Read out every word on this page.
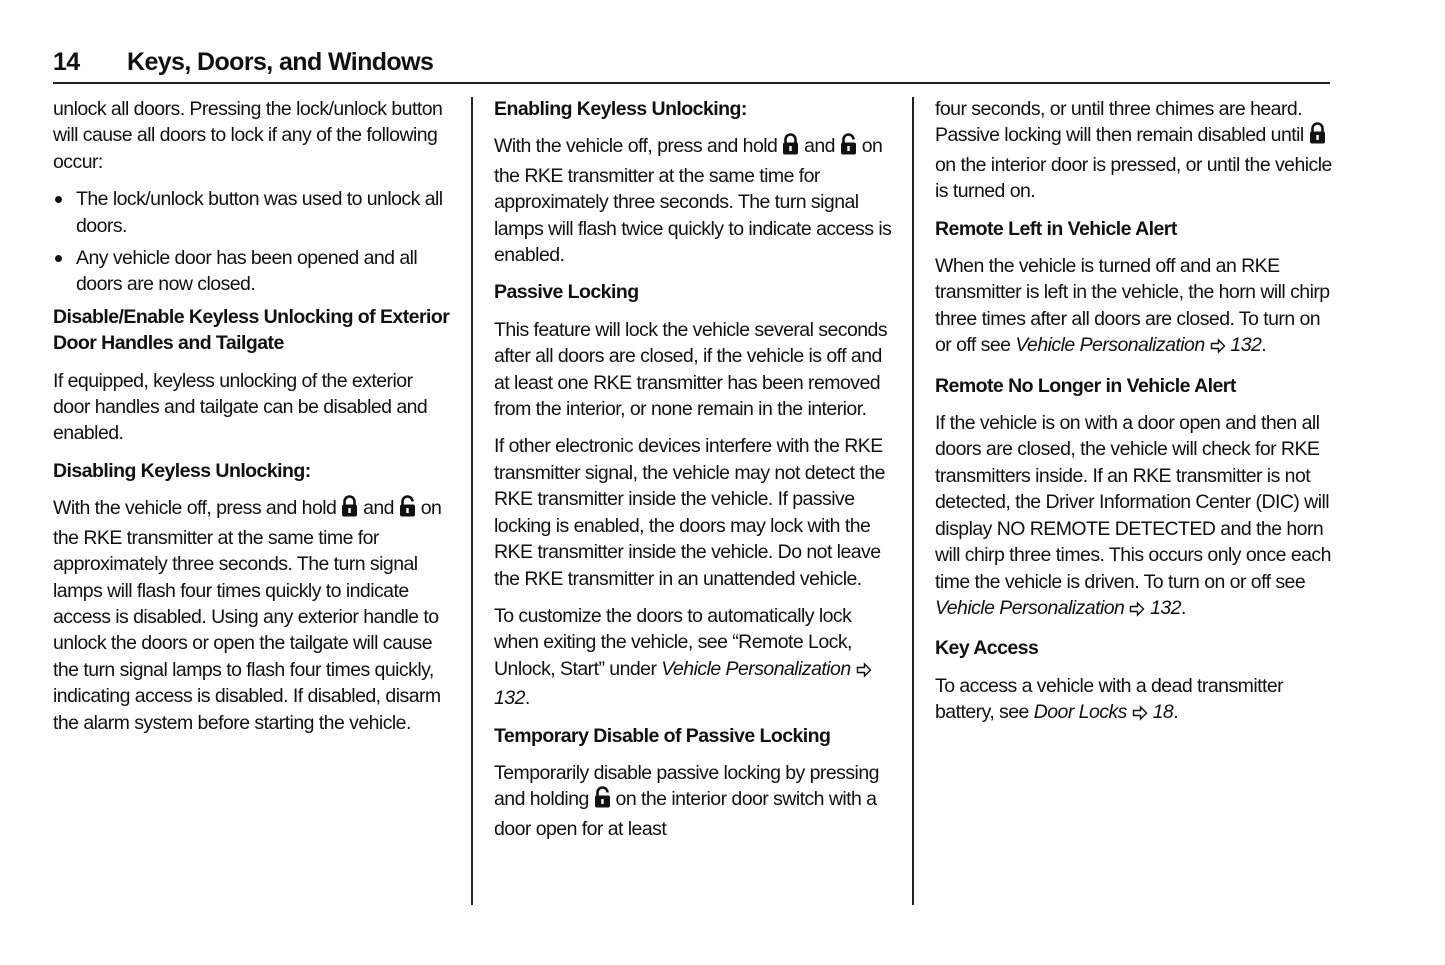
14 Keys, Doors, and Windows
unlock all doors. Pressing the lock/unlock button will cause all doors to lock if any of the following occur:
The lock/unlock button was used to unlock all doors.
Any vehicle door has been opened and all doors are now closed.
Disable/Enable Keyless Unlocking of Exterior Door Handles and Tailgate
If equipped, keyless unlocking of the exterior door handles and tailgate can be disabled and enabled.
Disabling Keyless Unlocking:
With the vehicle off, press and hold  and  on the RKE transmitter at the same time for approximately three seconds. The turn signal lamps will flash four times quickly to indicate access is disabled. Using any exterior handle to unlock the doors or open the tailgate will cause the turn signal lamps to flash four times quickly, indicating access is disabled. If disabled, disarm the alarm system before starting the vehicle.
Enabling Keyless Unlocking:
With the vehicle off, press and hold  and  on the RKE transmitter at the same time for approximately three seconds. The turn signal lamps will flash twice quickly to indicate access is enabled.
Passive Locking
This feature will lock the vehicle several seconds after all doors are closed, if the vehicle is off and at least one RKE transmitter has been removed from the interior, or none remain in the interior.
If other electronic devices interfere with the RKE transmitter signal, the vehicle may not detect the RKE transmitter inside the vehicle. If passive locking is enabled, the doors may lock with the RKE transmitter inside the vehicle. Do not leave the RKE transmitter in an unattended vehicle.
To customize the doors to automatically lock when exiting the vehicle, see “Remote Lock, Unlock, Start” under Vehicle Personalization  132.
Temporary Disable of Passive Locking
Temporarily disable passive locking by pressing and holding  on the interior door switch with a door open for at least
four seconds, or until three chimes are heard. Passive locking will then remain disabled until  on the interior door is pressed, or until the vehicle is turned on.
Remote Left in Vehicle Alert
When the vehicle is turned off and an RKE transmitter is left in the vehicle, the horn will chirp three times after all doors are closed. To turn on or off see Vehicle Personalization  132.
Remote No Longer in Vehicle Alert
If the vehicle is on with a door open and then all doors are closed, the vehicle will check for RKE transmitters inside. If an RKE transmitter is not detected, the Driver Information Center (DIC) will display NO REMOTE DETECTED and the horn will chirp three times. This occurs only once each time the vehicle is driven. To turn on or off see Vehicle Personalization  132.
Key Access
To access a vehicle with a dead transmitter battery, see Door Locks  18.
